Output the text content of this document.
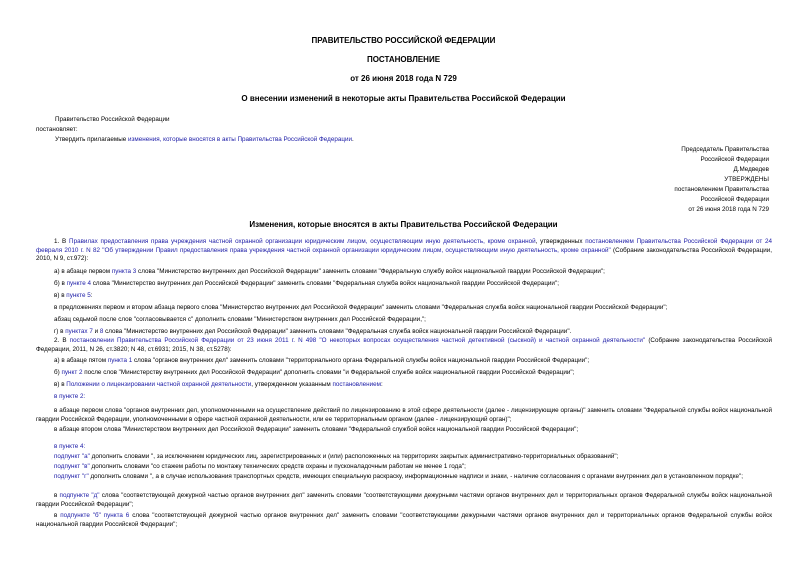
ПРАВИТЕЛЬСТВО РОССИЙСКОЙ ФЕДЕРАЦИИ
ПОСТАНОВЛЕНИЕ
от 26 июня 2018 года N 729
О внесении изменений в некоторые акты Правительства Российской Федерации
Правительство Российской Федерации
постановляет:
Утвердить прилагаемые изменения, которые вносятся в акты Правительства Российской Федерации.
Председатель Правительства
Российской Федерации
Д.Медведев
УТВЕРЖДЕНЫ
постановлением Правительства
Российской Федерации
от 26 июня 2018 года N 729
Изменения, которые вносятся в акты Правительства Российской Федерации
1. В Правилах предоставления права учреждения частной охранной организации юридическим лицом, осуществляющим иную деятельность, кроме охранной, утвержденных постановлением Правительства Российской Федерации от 24 февраля 2010 г. N 82 "Об утверждении Правил предоставления права учреждения частной охранной организации юридическим лицом, осуществляющим иную деятельность, кроме охранной" (Собрание законодательства Российской Федерации, 2010, N 9, ст.972):
а) в абзаце первом пункта 3 слова "Министерство внутренних дел Российской Федерации" заменить словами "Федеральную службу войск национальной гвардии Российской Федерации";
б) в пункте 4 слова "Министерство внутренних дел Российской Федерации" заменить словами "Федеральная служба войск национальной гвардии Российской Федерации";
в) в пункте 5:
в предложениях первом и втором абзаца первого слова "Министерство внутренних дел Российской Федерации" заменить словами "Федеральная служба войск национальной гвардии Российской Федерации";
абзац седьмой после слов "согласовывается с" дополнить словами "Министерством внутренних дел Российской Федерации,";
г) в пунктах 7 и 8 слова "Министерство внутренних дел Российской Федерации" заменить словами "Федеральная служба войск национальной гвардии Российской Федерации".
2. В постановлении Правительства Российской Федерации от 23 июня 2011 г. N 498 "О некоторых вопросах осуществления частной детективной (сыскной) и частной охранной деятельности" (Собрание законодательства Российской Федерации, 2011, N 26, ст.3820; N 48, ст.6931; 2015, N 38, ст.5278):
а) в абзаце пятом пункта 1 слова "органов внутренних дел" заменить словами "территориального органа Федеральной службы войск национальной гвардии Российской Федерации";
б) пункт 2 после слов "Министерству внутренних дел Российской Федерации" дополнить словами "и Федеральной службе войск национальной гвардии Российской Федерации";
в) в Положении о лицензировании частной охранной деятельности, утвержденном указанным постановлением:
в пункте 2:
в абзаце первом слова "органов внутренних дел, уполномоченными на осуществление действий по лицензированию в этой сфере деятельности (далее - лицензирующие органы)" заменить словами "Федеральной службы войск национальной гвардии Российской Федерации, уполномоченными в сфере частной охранной деятельности, или ее территориальным органом (далее - лицензирующий орган)";
в абзаце втором слова "Министерством внутренних дел Российской Федерации" заменить словами "Федеральной службой войск национальной гвардии Российской Федерации";
в пункте 4:
подпункт "а" дополнить словами ", за исключением юридических лиц, зарегистрированных и (или) расположенных на территориях закрытых административно-территориальных образований";
подпункт "в" дополнить словами "со стажем работы по монтажу технических средств охраны и пусконаладочным работам не менее 1 года";
подпункт "г" дополнить словами ", а в случае использования транспортных средств, имеющих специальную раскраску, информационные надписи и знаки, - наличие согласования с органами внутренних дел в установленном порядке";
в подпункте "д" слова "соответствующей дежурной частью органов внутренних дел" заменить словами "соответствующими дежурными частями органов внутренних дел и территориальных органов Федеральной службы войск национальной гвардии Российской Федерации";
в подпункте "б" пункта 6 слова "соответствующей дежурной частью органов внутренних дел" заменить словами "соответствующими дежурными частями органов внутренних дел и территориальных органов Федеральной службы войск национальной гвардии Российской Федерации";
